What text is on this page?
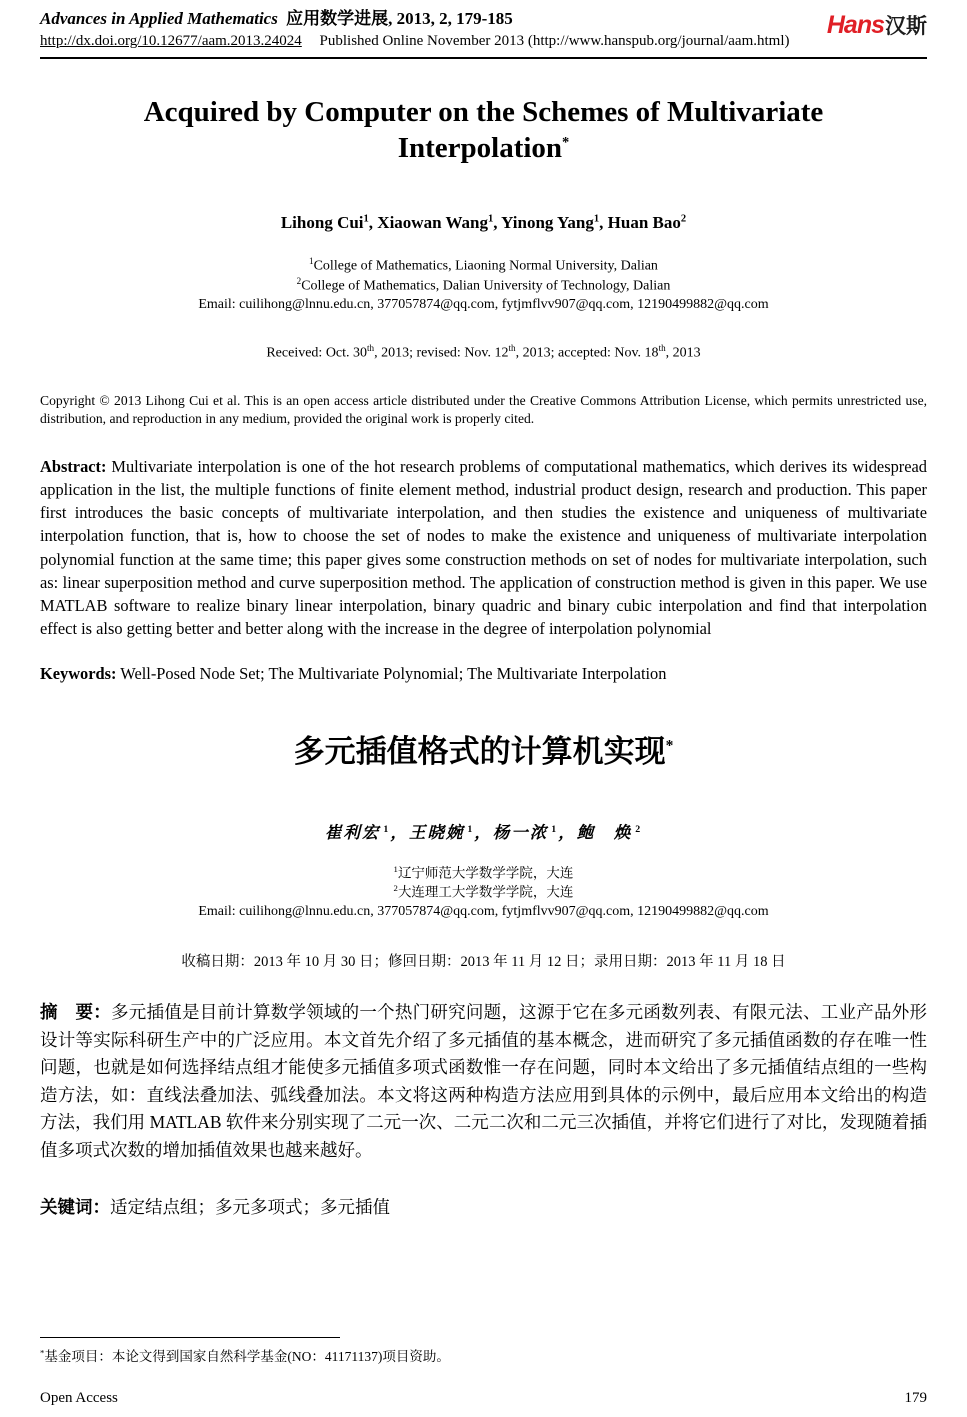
Advances in Applied Mathematics 应用数学进展, 2013, 2, 179-185
http://dx.doi.org/10.12677/aam.2013.24024 Published Online November 2013 (http://www.hanspub.org/journal/aam.html)
Hans汉斯
Acquired by Computer on the Schemes of Multivariate
Interpolation*
Lihong Cui$^1$, Xiaowan Wang$^1$, Yinong Yang$^1$, Huan Bao$^2$
$^1$College of Mathematics, Liaoning Normal University, Dalian
$^2$College of Mathematics, Dalian University of Technology, Dalian
Email: cuilihong@lnnu.edu.cn, 377057874@qq.com, fytjmflvv907@qq.com, 12190499882@qq.com
Received: Oct. 30th, 2013; revised: Nov. 12th, 2013; accepted: Nov. 18th, 2013

Copyright © 2013 Lihong Cui et al. This is an open access article distributed under the Creative Commons Attribution License, which permits unrestricted use, distribution, and reproduction in any medium, provided the original work is properly cited.

Abstract: Multivariate interpolation is one of the hot research problems of computational mathematics, which derives its widespread application in the list, the multiple functions of finite element method, industrial product design, research and production. This paper first introduces the basic concepts of multivariate interpolation, and then studies the existence and uniqueness of multivariate interpolation function, that is, how to choose the set of nodes to make the existence and uniqueness of multivariate interpolation polynomial function at the same time; this paper gives some construction methods on set of nodes for multivariate interpolation, such as: linear superposition method and curve superposition method. The application of construction method is given in this paper. We use MATLAB software to realize binary linear interpolation, binary quadric and binary cubic interpolation and find that interpolation effect is also getting better and better along with the increase in the degree of interpolation polynomial

Keywords: Well-Posed Node Set; The Multivariate Polynomial; The Multivariate Interpolation

多元插值格式的计算机实现*
崔利宏 $^1$，王晓婉 $^1$，杨一浓 $^1$，鲍　焕 $^2$
$^1$辽宁师范大学数学学院，大连
$^2$大连理工大学数学学院，大连
Email: cuilihong@lnnu.edu.cn, 377057874@qq.com, fytjmflvv907@qq.com, 12190499882@qq.com
收稿日期：2013 年 10 月 30 日；修回日期：2013 年 11 月 12 日；录用日期：2013 年 11 月 18 日

摘　要：多元插值是目前计算数学领域的一个热门研究问题，这源于它在多元函数列表、有限元法、工业产品外形设计等实际科研生产中的广泛应用。本文首先介绍了多元插值的基本概念，进而研究了多元插值函数的存在唯一性问题，也就是如何选择结点组才能使多元插值多项式函数惟一存在问题，同时本文给出了多元插值结点组的一些构造方法，如：直线法叠加法、弧线叠加法。本文将这两种构造方法应用到具体的示例中，最后应用本文给出的构造方法，我们用 MATLAB 软件来分别实现了二元一次、二元二次和二元三次插值，并将它们进行了对比，发现随着插值多项式次数的增加插值效果也越来越好。

关键词：适定结点组；多元多项式；多元插值

*基金项目：本论文得到国家自然科学基金(NO：41171137)项目资助。
Open Access	179
